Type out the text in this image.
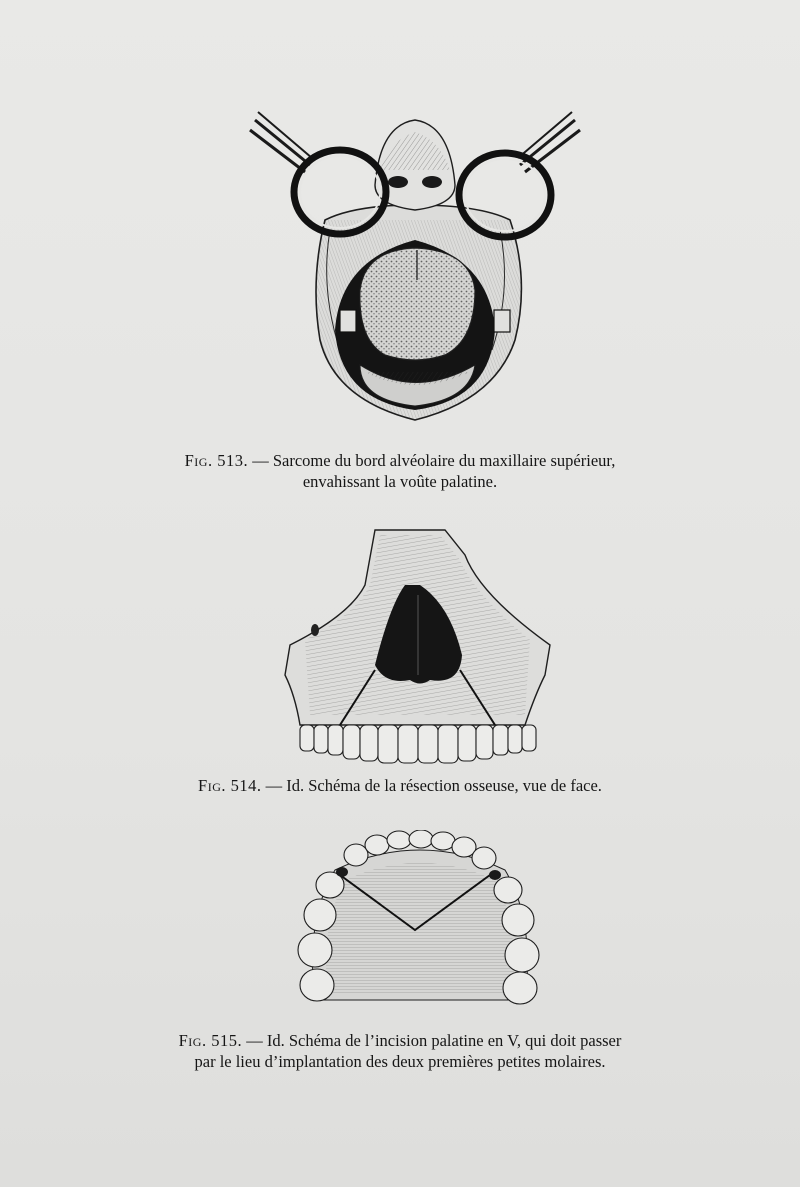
Fig. 513. — Sarcome du bord alvéolaire du maxillaire supérieur,
envahissant la voûte palatine.
Fig. 514. — Id. Schéma de la résection osseuse, vue de face.
Fig. 515. — Id. Schéma de l’incision palatine en V, qui doit passer
par le lieu d’implantation des deux premières petites molaires.
